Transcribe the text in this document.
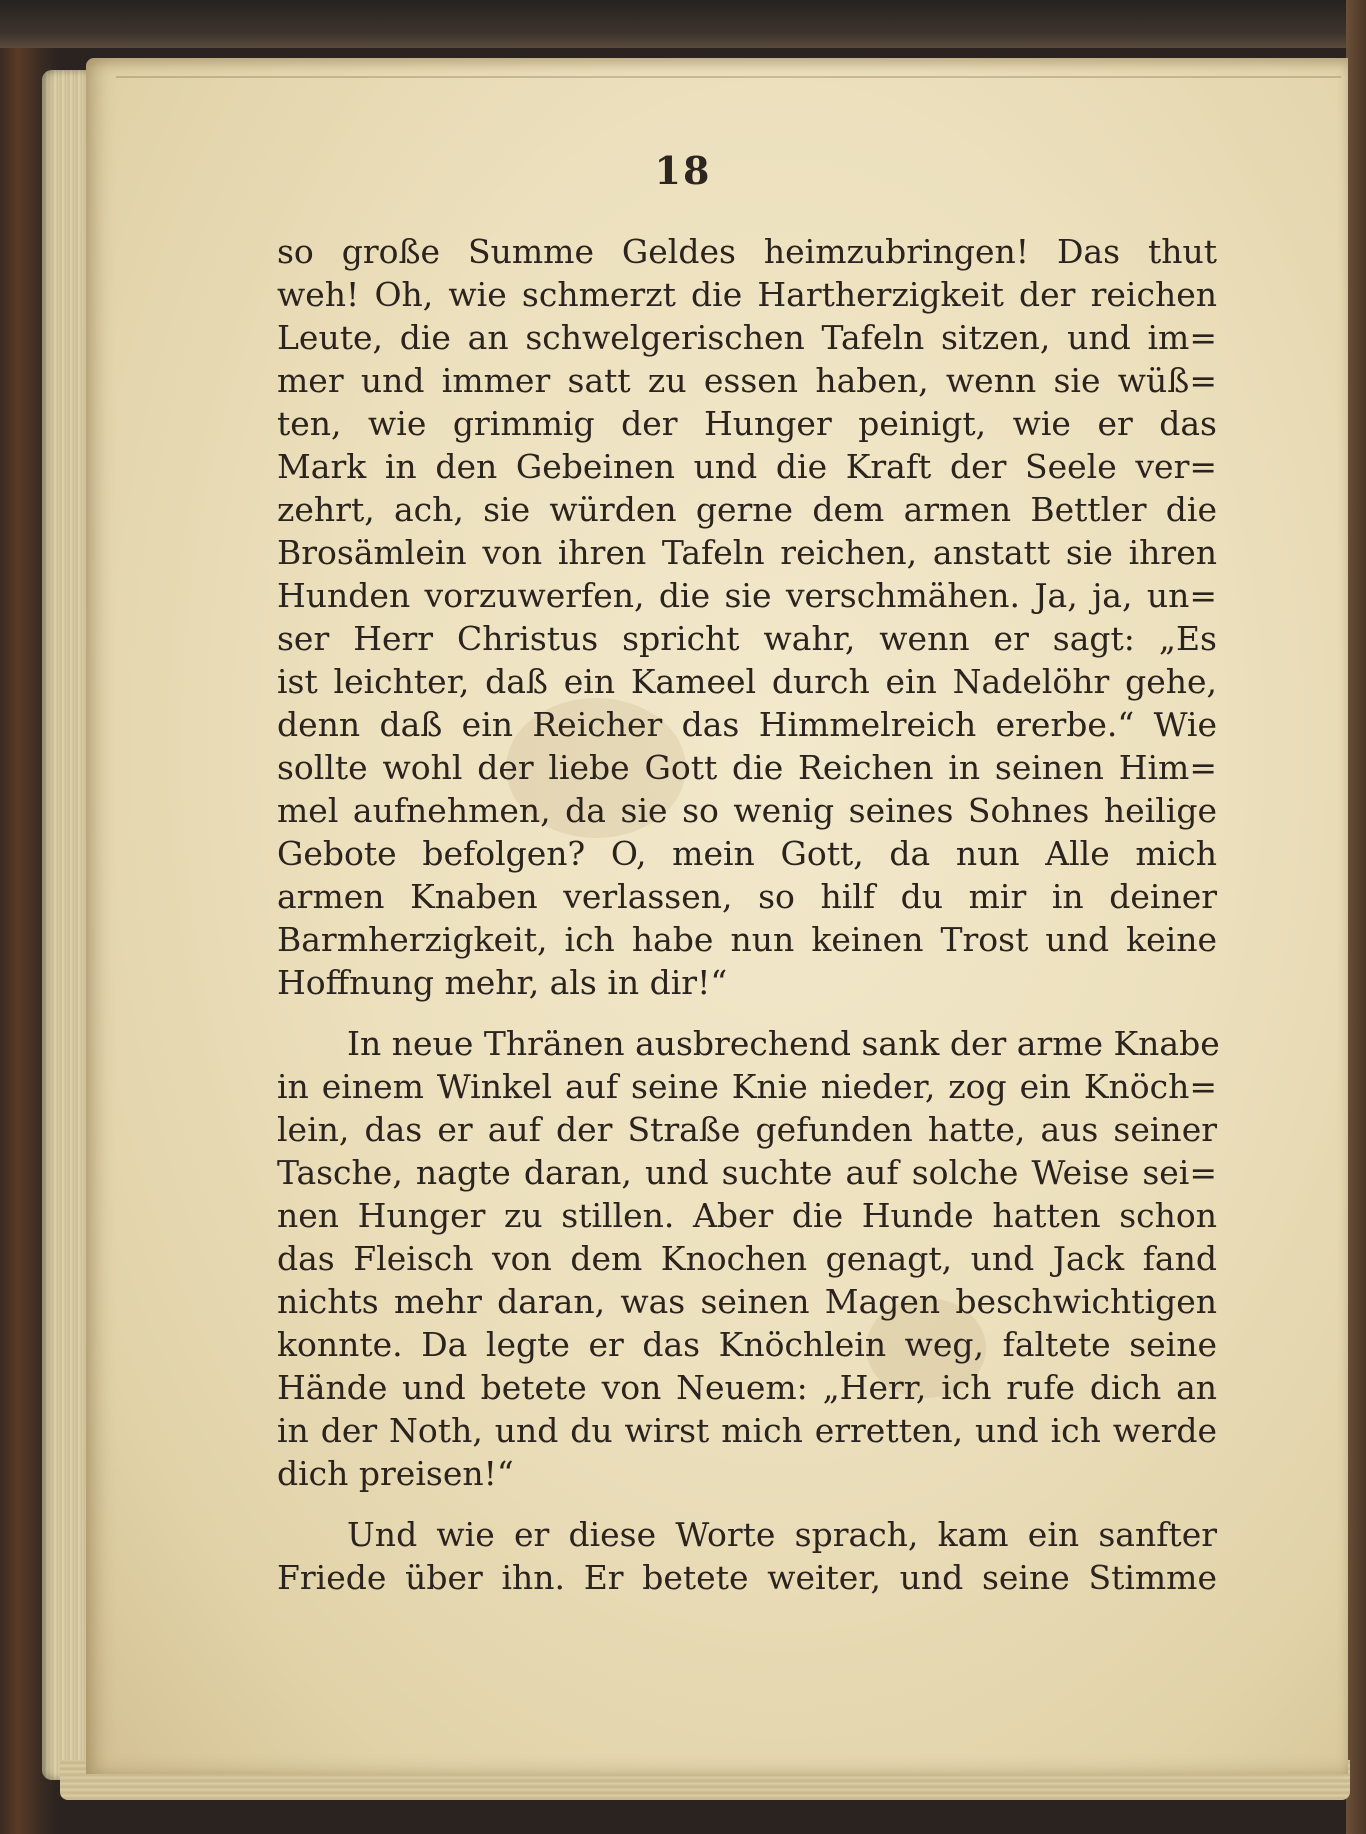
18
so große Summe Geldes heimzubringen! Das thut
weh! Oh, wie schmerzt die Hartherzigkeit der reichen
Leute, die an schwelgerischen Tafeln sitzen, und im=
mer und immer satt zu essen haben, wenn sie wüß=
ten, wie grimmig der Hunger peinigt, wie er das
Mark in den Gebeinen und die Kraft der Seele ver=
zehrt, ach, sie würden gerne dem armen Bettler die
Brosämlein von ihren Tafeln reichen, anstatt sie ihren
Hunden vorzuwerfen, die sie verschmähen. Ja, ja, un=
ser Herr Christus spricht wahr, wenn er sagt: „Es
ist leichter, daß ein Kameel durch ein Nadelöhr gehe,
denn daß ein Reicher das Himmelreich ererbe.“ Wie
sollte wohl der liebe Gott die Reichen in seinen Him=
mel aufnehmen, da sie so wenig seines Sohnes heilige
Gebote befolgen? O, mein Gott, da nun Alle mich
armen Knaben verlassen, so hilf du mir in deiner
Barmherzigkeit, ich habe nun keinen Trost und keine
Hoffnung mehr, als in dir!“
In neue Thränen ausbrechend sank der arme Knabe
in einem Winkel auf seine Knie nieder, zog ein Knöch=
lein, das er auf der Straße gefunden hatte, aus seiner
Tasche, nagte daran, und suchte auf solche Weise sei=
nen Hunger zu stillen. Aber die Hunde hatten schon
das Fleisch von dem Knochen genagt, und Jack fand
nichts mehr daran, was seinen Magen beschwichtigen
konnte. Da legte er das Knöchlein weg, faltete seine
Hände und betete von Neuem: „Herr, ich rufe dich an
in der Noth, und du wirst mich erretten, und ich werde
dich preisen!“
Und wie er diese Worte sprach, kam ein sanfter
Friede über ihn. Er betete weiter, und seine Stimme
